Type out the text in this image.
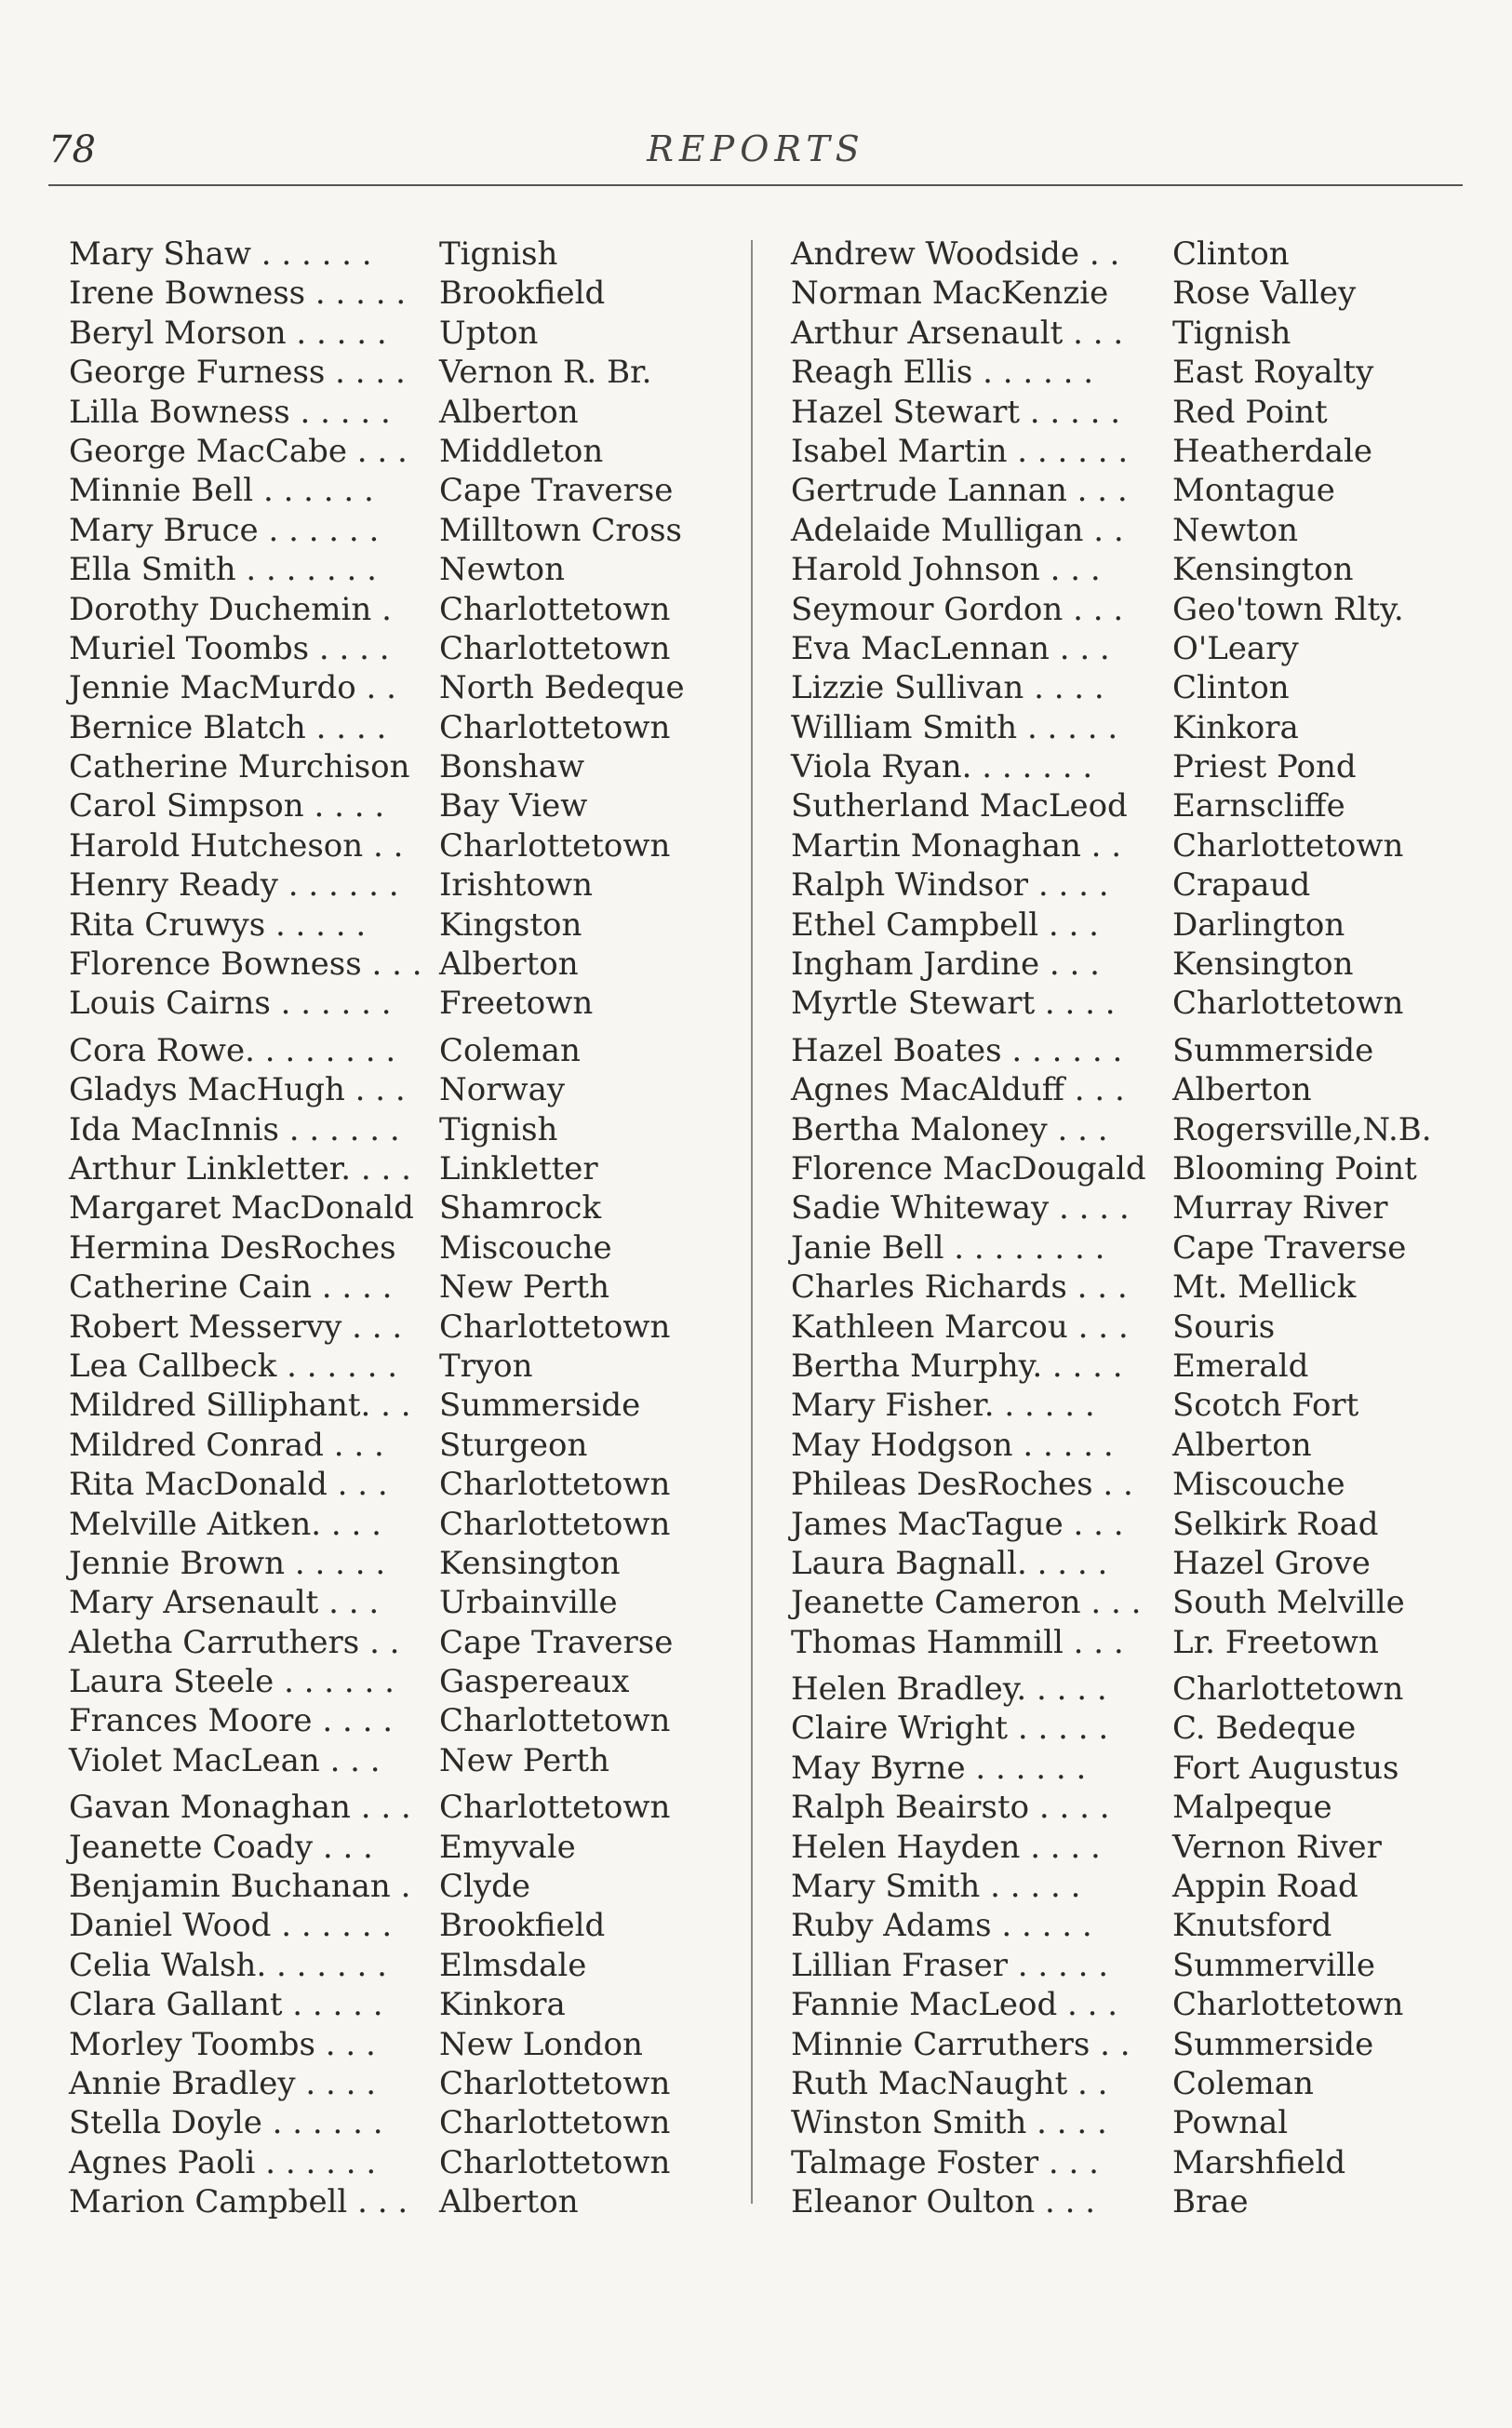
78	REPORTS
Mary Shaw . . . . . . Tignish
Irene Bowness . . . . . Brookfield
Beryl Morson . . . . . Upton
George Furness . . . . Vernon R. Br.
Lilla Bowness . . . . . Alberton
George MacCabe . . . Middleton
Minnie Bell . . . . . . Cape Traverse
Mary Bruce . . . . . . Milltown Cross
Ella Smith . . . . . . . Newton
Dorothy Duchemin . Charlottetown
Muriel Toombs . . . . Charlottetown
Jennie MacMurdo . . North Bedeque
Bernice Blatch . . . . Charlottetown
Catherine Murchison Bonshaw
Carol Simpson . . . . Bay View
Harold Hutcheson . . Charlottetown
Henry Ready . . . . . . Irishtown
Rita Cruwys . . . . . Kingston
Florence Bowness . . . Alberton
Louis Cairns . . . . . . Freetown
Cora Rowe. . . . . . . . Coleman
Gladys MacHugh . . . Norway
Ida MacInnis . . . . . . Tignish
Arthur Linkletter. . . . Linkletter
Margaret MacDonald Shamrock
Hermina DesRoches Miscouche
Catherine Cain . . . . New Perth
Robert Messervy . . . Charlottetown
Lea Callbeck . . . . . . Tryon
Mildred Silliphant. . . Summerside
Mildred Conrad . . . Sturgeon
Rita MacDonald . . . Charlottetown
Melville Aitken. . . . Charlottetown
Jennie Brown . . . . . Kensington
Mary Arsenault . . . Urbainville
Aletha Carruthers . . Cape Traverse
Laura Steele . . . . . . Gaspereaux
Frances Moore . . . . Charlottetown
Violet MacLean . . . New Perth
Gavan Monaghan . . . Charlottetown
Jeanette Coady . . . Emyvale
Benjamin Buchanan . Clyde
Daniel Wood . . . . . . Brookfield
Celia Walsh. . . . . . . Elmsdale
Clara Gallant . . . . . Kinkora
Morley Toombs . . . New London
Annie Bradley . . . . Charlottetown
Stella Doyle . . . . . . Charlottetown
Agnes Paoli . . . . . . Charlottetown
Marion Campbell . . . Alberton
Andrew Woodside . . Clinton
Norman MacKenzie Rose Valley
Arthur Arsenault . . . Tignish
Reagh Ellis . . . . . . East Royalty
Hazel Stewart . . . . . Red Point
Isabel Martin . . . . . . Heatherdale
Gertrude Lannan . . . Montague
Adelaide Mulligan . . Newton
Harold Johnson . . . Kensington
Seymour Gordon . . . Geo'town Rlty.
Eva MacLennan . . . O'Leary
Lizzie Sullivan . . . . Clinton
William Smith . . . . . Kinkora
Viola Ryan. . . . . . .	Priest Pond
Sutherland MacLeod Earnscliffe
Martin Monaghan . . Charlottetown
Ralph Windsor . . . . Crapaud
Ethel Campbell . . . Darlington
Ingham Jardine . . . Kensington
Myrtle Stewart . . . . Charlottetown
Hazel Boates . . . . . . Summerside
Agnes MacAlduff . . . Alberton
Bertha Maloney . . . Rogersville,N.B.
Florence MacDougald Blooming Point
Sadie Whiteway . . . . Murray River
Janie Bell . . . . . . . . Cape Traverse
Charles Richards . . . Mt. Mellick
Kathleen Marcou . . . Souris
Bertha Murphy. . . . . Emerald
Mary Fisher. . . . . . Scotch Fort
May Hodgson . . . . . Alberton
Phileas DesRoches . . Miscouche
James MacTague . . . Selkirk Road
Laura Bagnall. . . . . Hazel Grove
Jeanette Cameron . . . South Melville
Thomas Hammill . . . Lr. Freetown
Helen Bradley. . . . . Charlottetown
Claire Wright . . . . . C. Bedeque
May Byrne . . . . . .	Fort Augustus
Ralph Beairsto . . . . Malpeque
Helen Hayden . . . . Vernon River
Mary Smith . . . . .	Appin Road
Ruby Adams . . . . .	Knutsford
Lillian Fraser . . . . . Summerville
Fannie MacLeod . . . Charlottetown
Minnie Carruthers . . Summerside
Ruth MacNaught . . Coleman
Winston Smith . . . . Pownal
Talmage Foster . . . Marshfield
Eleanor Oulton . . . Brae
